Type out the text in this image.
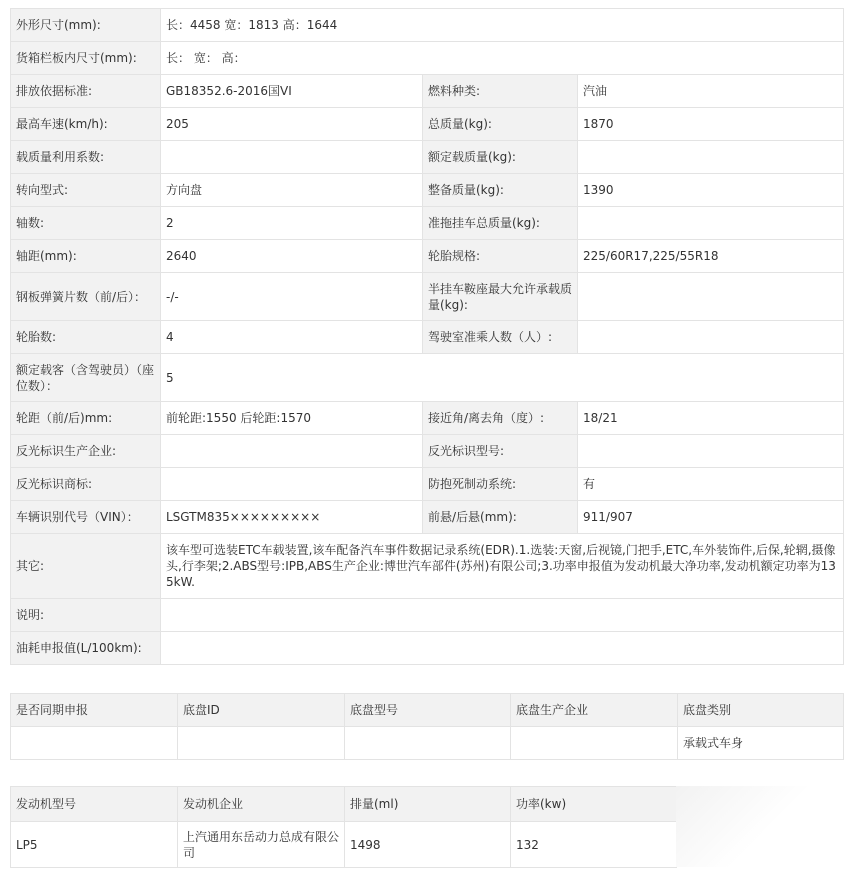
外形尺寸(mm):	长：4458 宽：1813 高：1644		
货箱栏板内尺寸(mm):	长： 宽： 高：		
排放依据标准:	GB18352.6-2016国VI	燃料种类:	汽油
最高车速(km/h):	205	总质量(kg):	1870
载质量利用系数:		额定载质量(kg):	
转向型式:	方向盘	整备质量(kg):	1390
轴数:	2	准拖挂车总质量(kg):	
轴距(mm):	2640	轮胎规格:	225/60R17,225/55R18
钢板弹簧片数（前/后）：	-/-	半挂车鞍座最大允许承载质量(kg):	
轮胎数:	4	驾驶室准乘人数（人）:	
额定载客（含驾驶员）（座位数）：	5		
轮距（前/后)mm:	前轮距:1550 后轮距:1570	接近角/离去角（度）:	18/21
反光标识生产企业:		反光标识型号:	
反光标识商标:		防抱死制动系统:	有
车辆识别代号（VIN）：	LSGTM835×××××××××	前悬/后悬(mm):	911/907
其它:	该车型可选装ETC车载装置,该车配备汽车事件数据记录系统(EDR).1.选装:天窗,后视镜,门把手,ETC,车外装饰件,后保,轮辋,摄像头,行李架;2.ABS型号:IPB,ABS生产企业:博世汽车部件(苏州)有限公司;3.功率申报值为发动机最大净功率,发动机额定功率为135kW.		
说明:			
油耗申报值(L/100km):			
是否同期申报	底盘ID	底盘型号	底盘生产企业	底盘类别
				承载式车身
发动机型号	发动机企业	排量(ml)	功率(kw)
LP5	上汽通用东岳动力总成有限公司	1498	132
